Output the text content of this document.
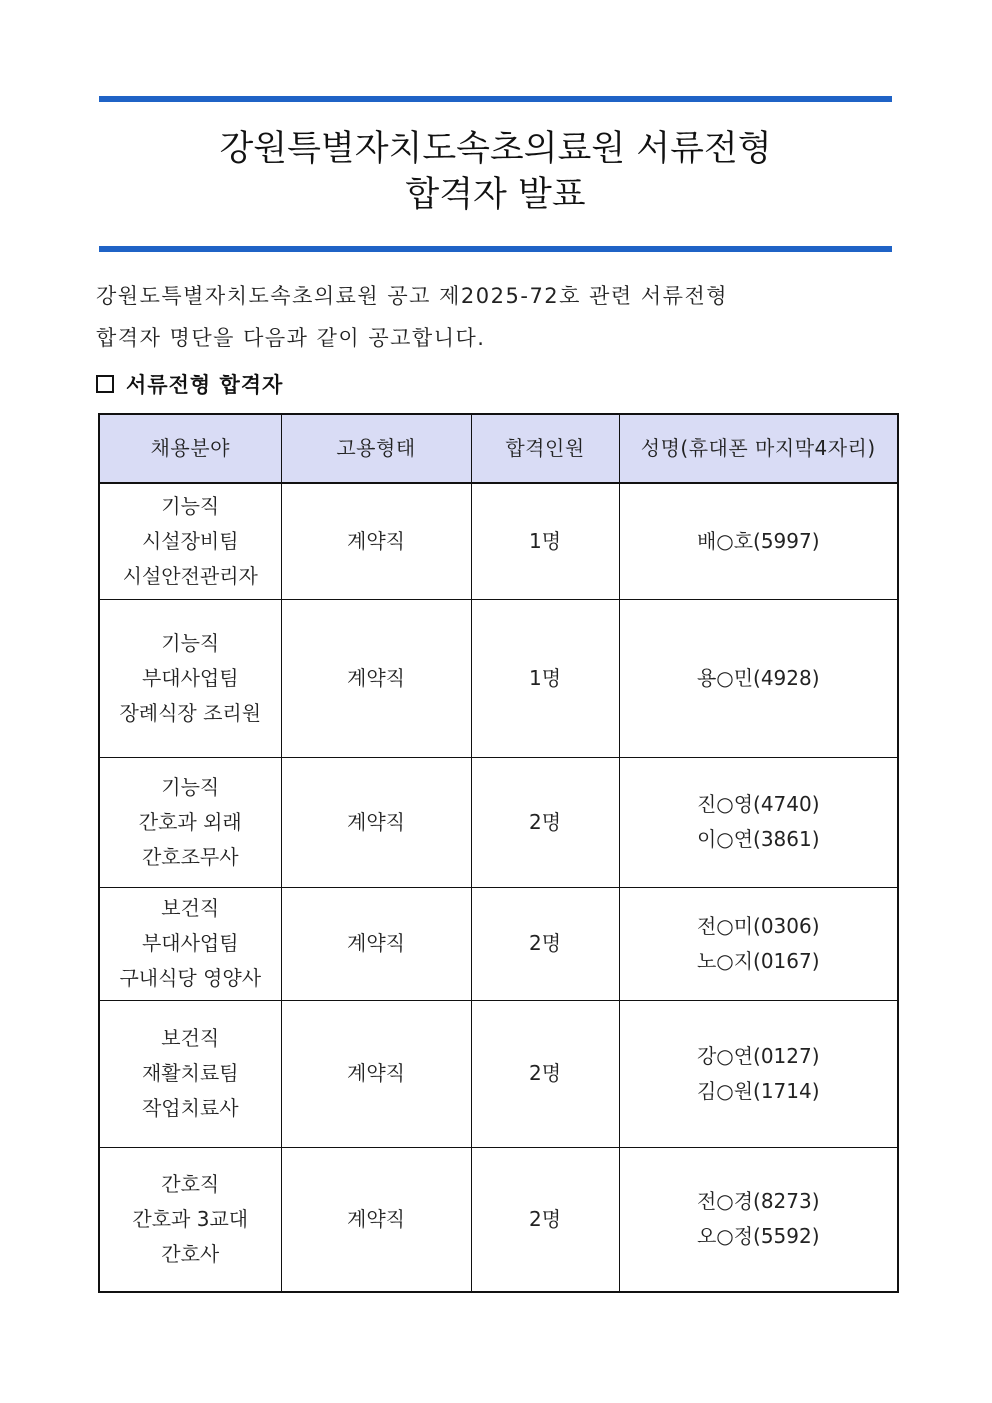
강원특별자치도속초의료원 서류전형
합격자 발표
강원도특별자치도속초의료원 공고 제2025-72호 관련 서류전형
합격자 명단을 다음과 같이 공고합니다.
서류전형 합격자
채용분야	고용형태	합격인원	성명(휴대폰 마지막4자리)

기능직
시설장비팀
시설안전관리자	계약직	1명	배○호(5997)

기능직
부대사업팀
장례식장 조리원	계약직	1명	용○민(4928)

기능직
간호과 외래
간호조무사	계약직	2명	진○영(4740)
이○연(3861)

보건직
부대사업팀
구내식당 영양사	계약직	2명	전○미(0306)
노○지(0167)

보건직
재활치료팀
작업치료사	계약직	2명	강○연(0127)
김○원(1714)

간호직
간호과 3교대
간호사	계약직	2명	전○경(8273)
오○정(5592)
